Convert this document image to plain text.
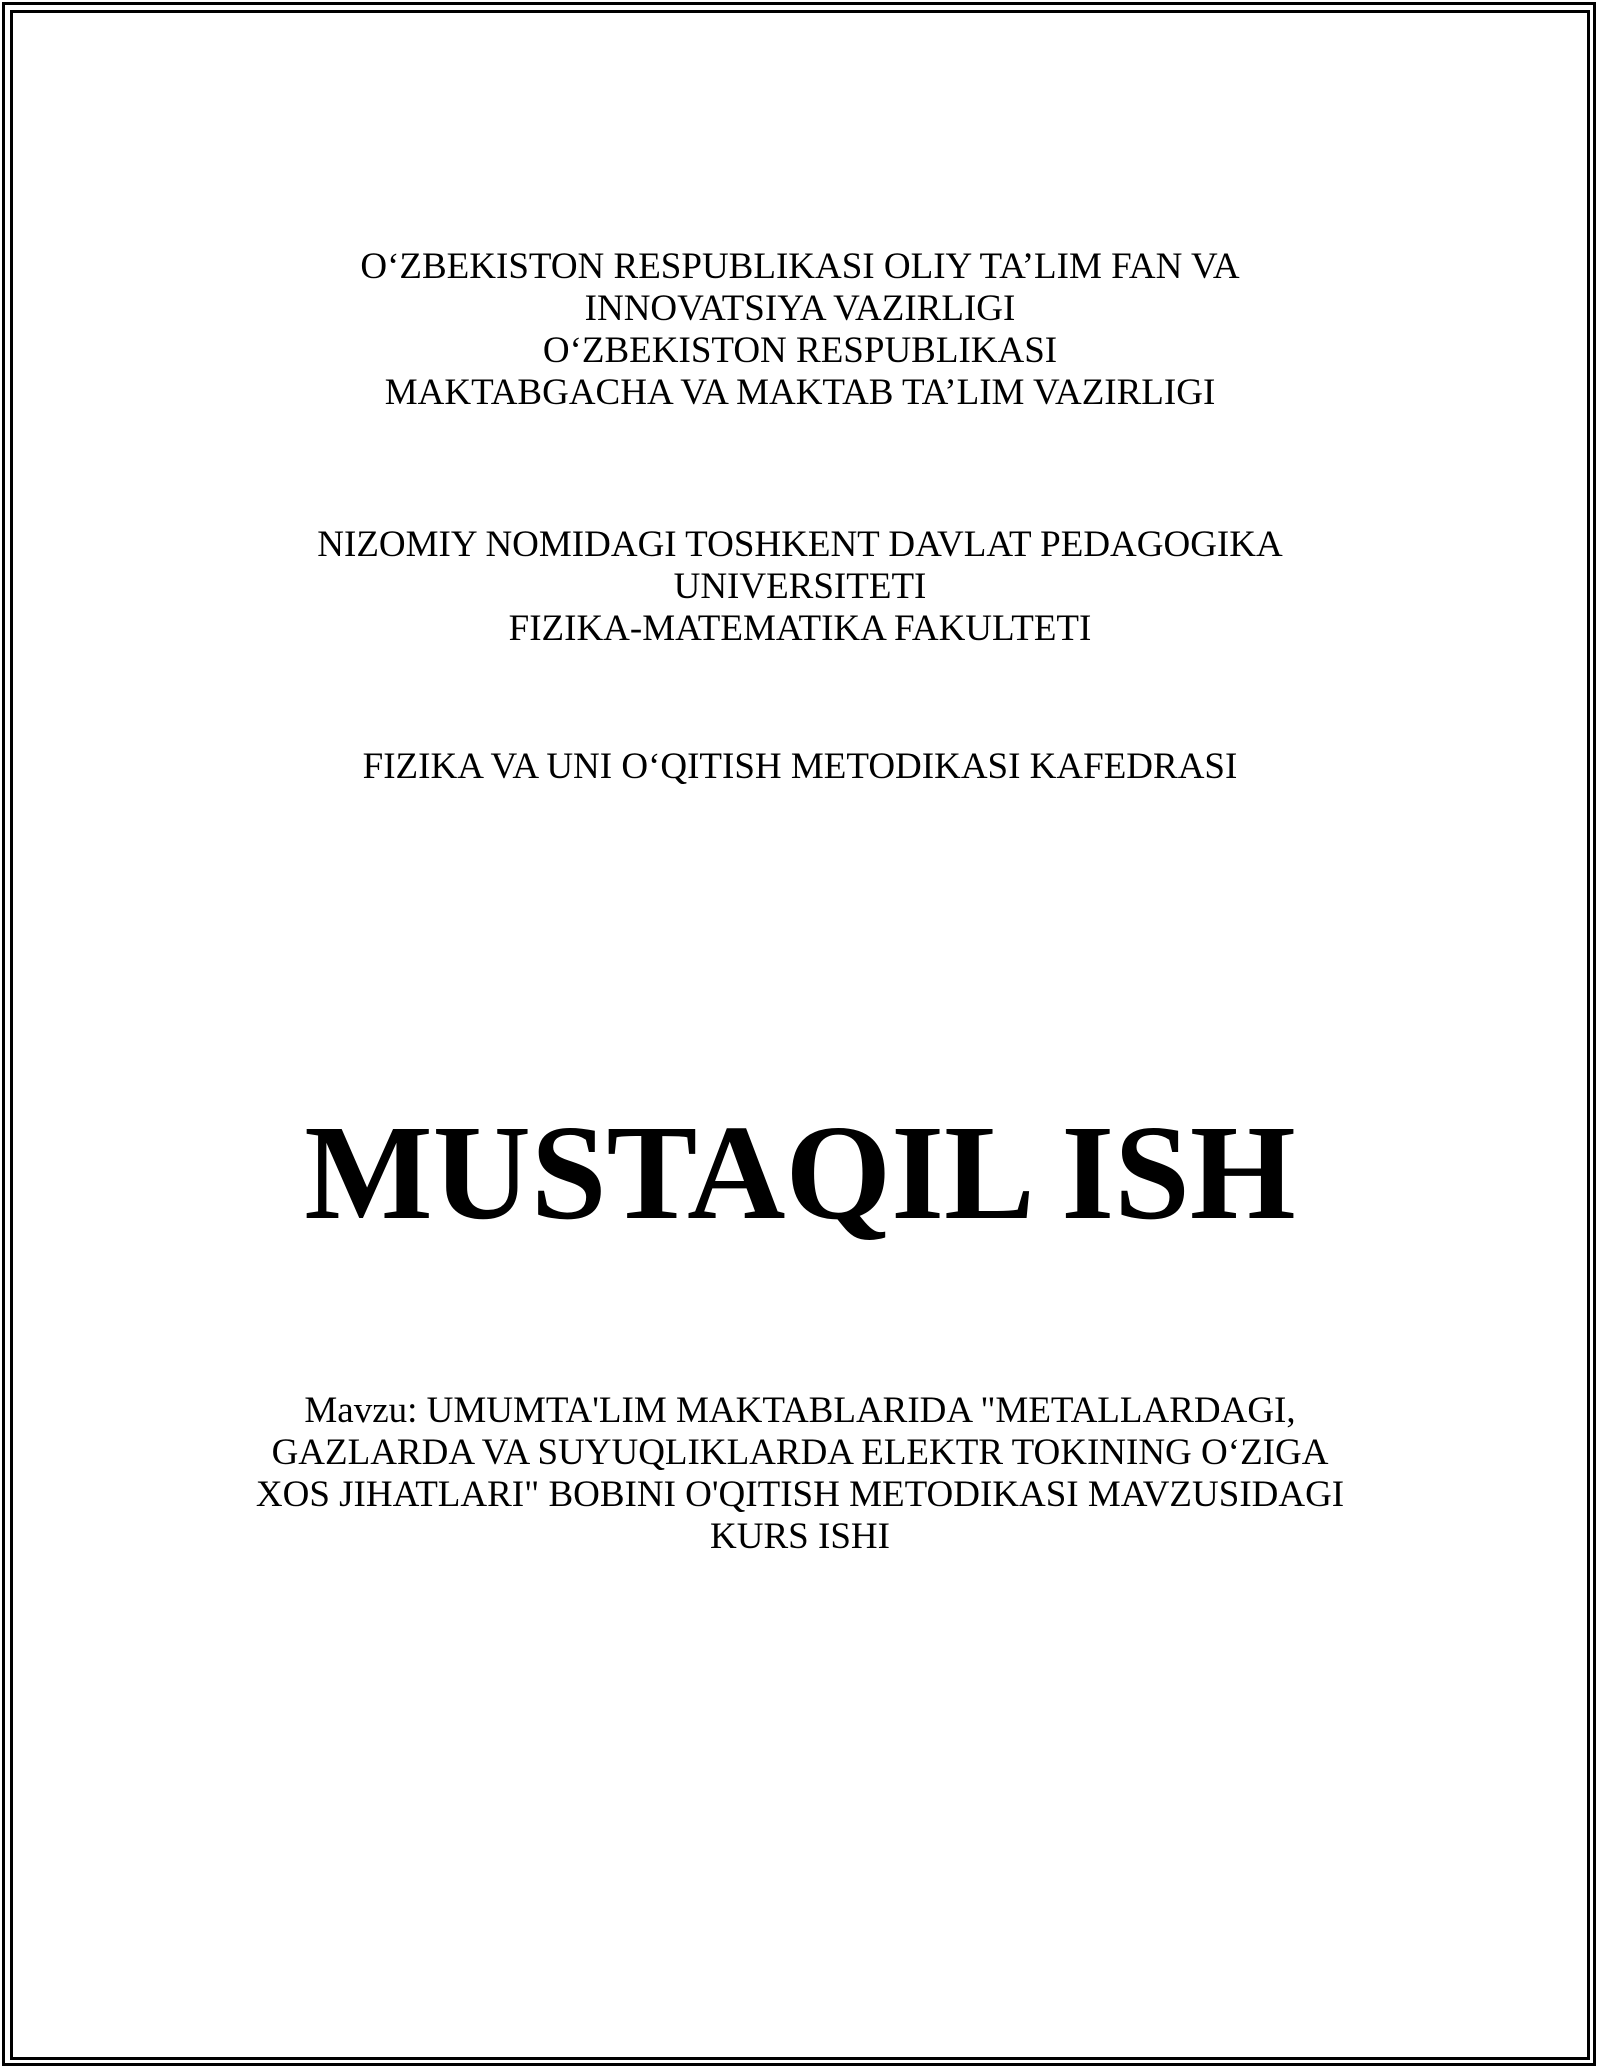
O‘ZBEKISTON RESPUBLIKASI OLIY TA’LIM FAN VA
INNOVATSIYA VAZIRLIGI
O‘ZBEKISTON RESPUBLIKASI
MAKTABGACHA VA MAKTAB TA’LIM VAZIRLIGI
NIZOMIY NOMIDAGI TOSHKENT DAVLAT PEDAGOGIKA
UNIVERSITETI
FIZIKA-MATEMATIKA FAKULTETI
FIZIKA VA UNI O‘QITISH METODIKASI KAFEDRASI
MUSTAQIL ISH
Mavzu: UMUMTA'LIM MAKTABLARIDA "METALLARDAGI,
GAZLARDA VA SUYUQLIKLARDA ELEKTR TOKINING O‘ZIGA
XOS JIHATLARI" BOBINI O'QITISH METODIKASI MAVZUSIDAGI
KURS ISHI
